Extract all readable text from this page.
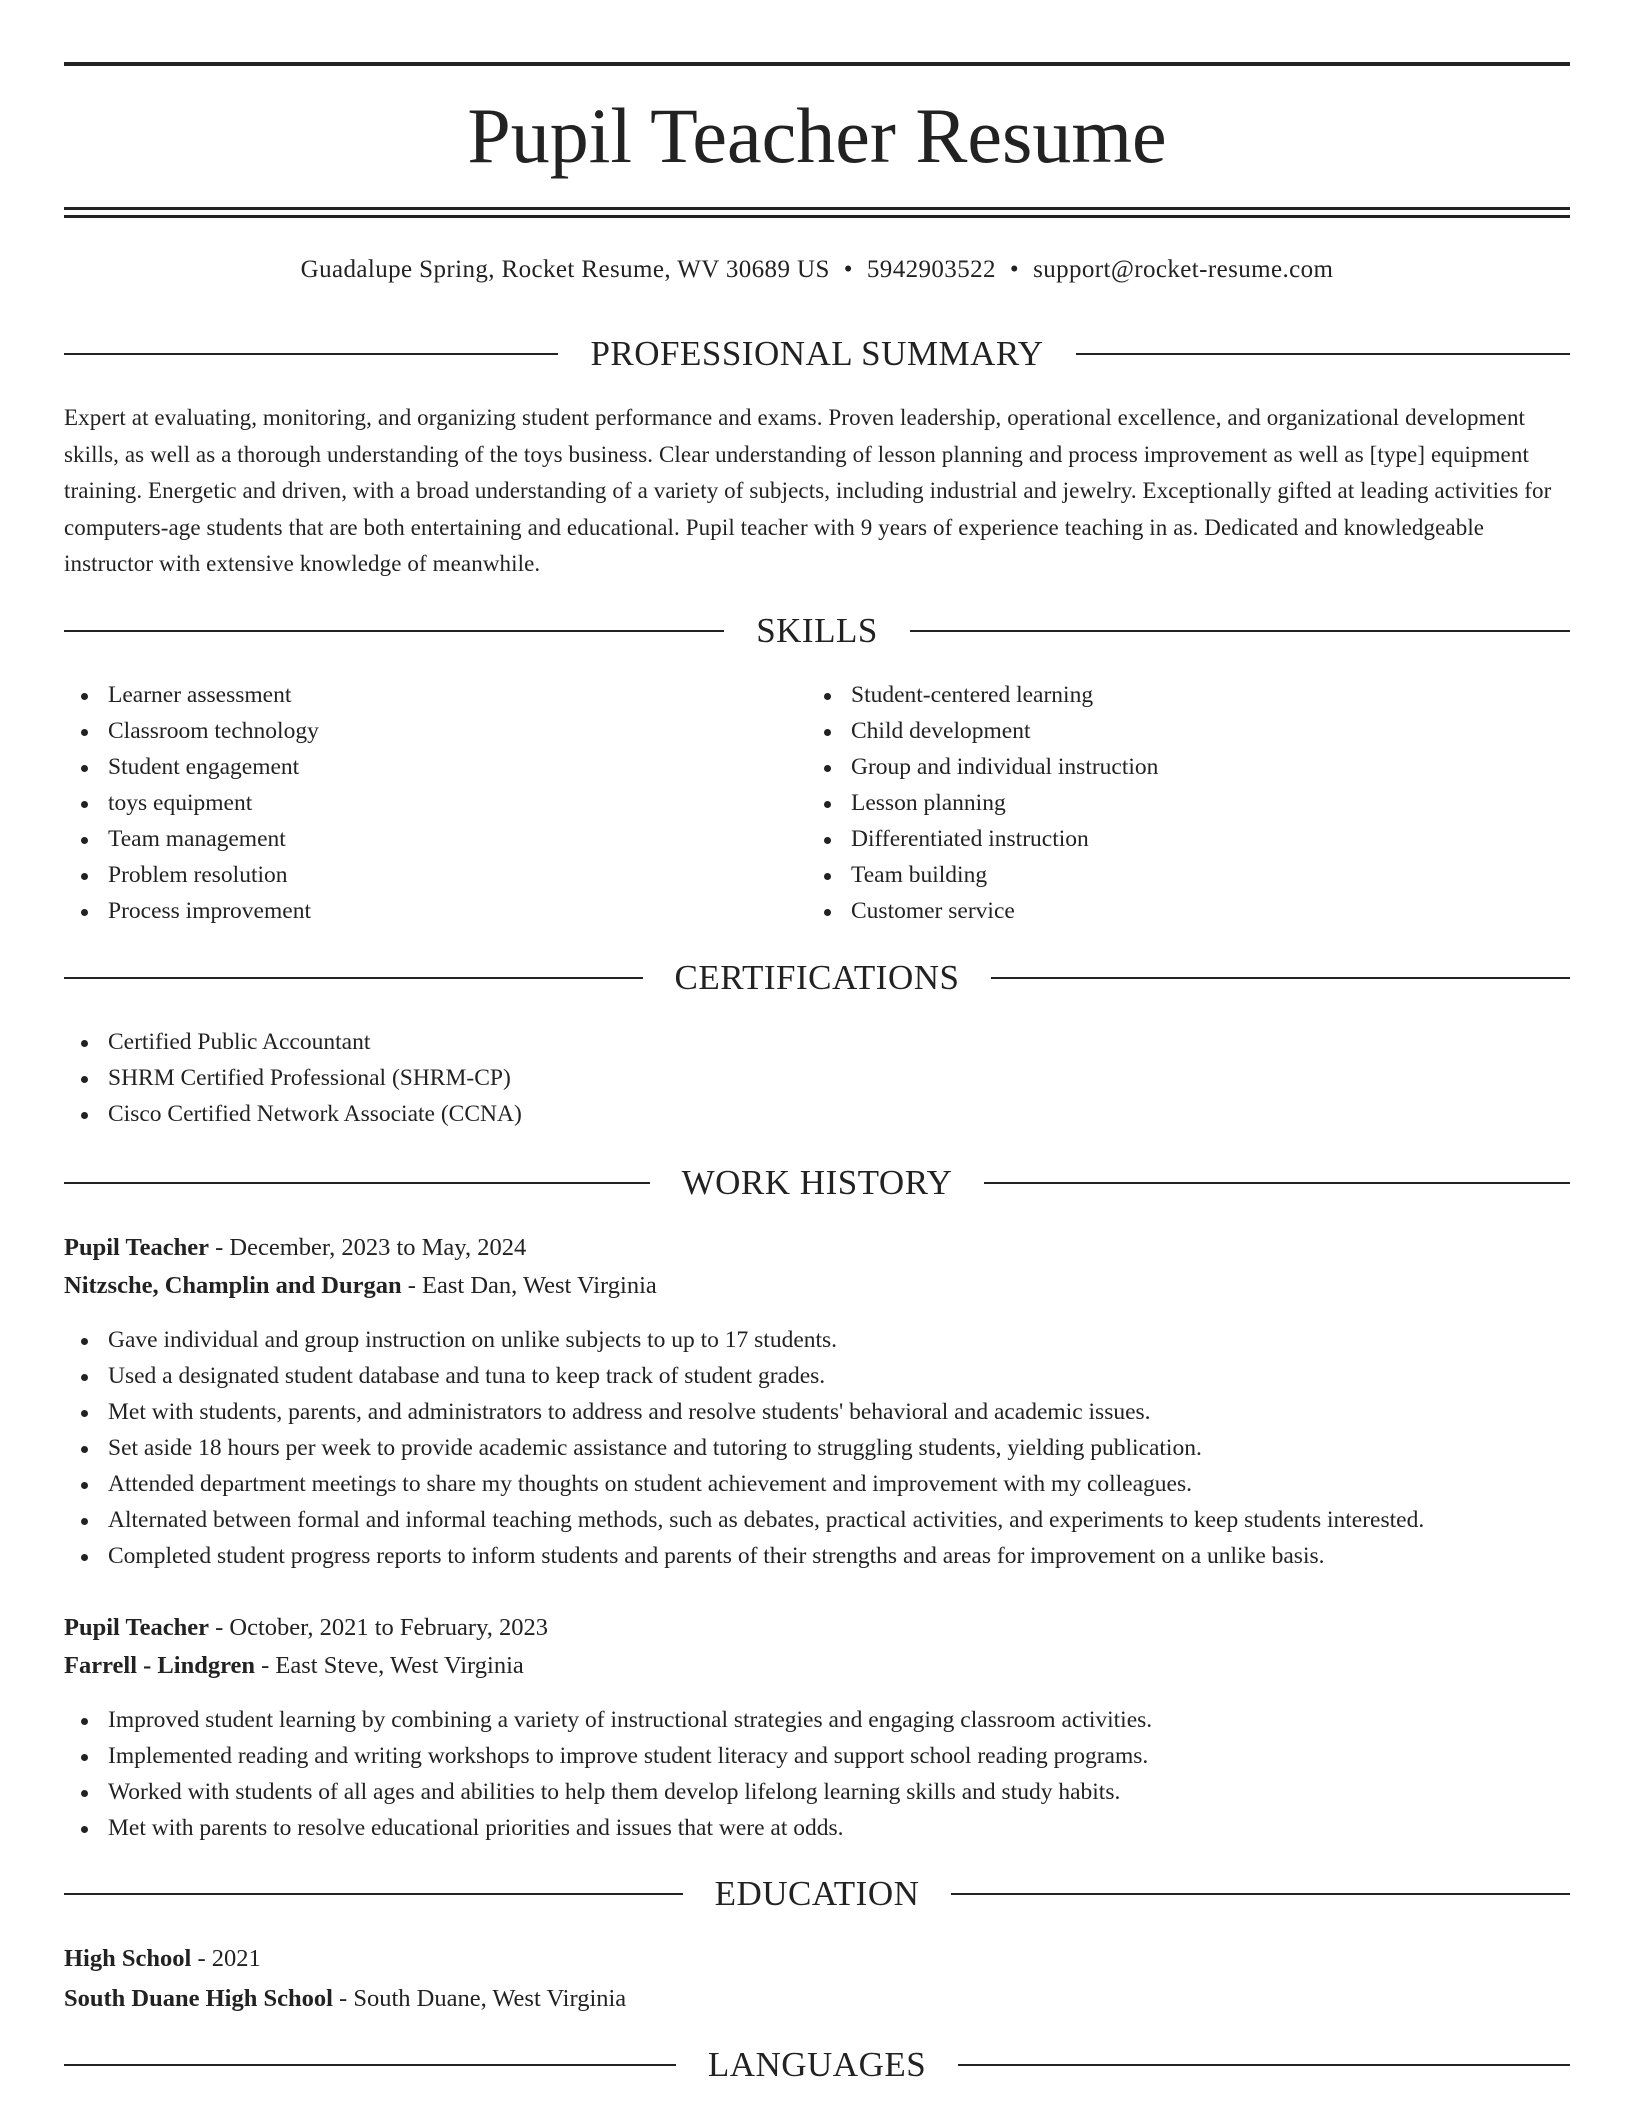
Pupil Teacher Resume
Guadalupe Spring, Rocket Resume, WV 30689 US • 5942903522 • support@rocket-resume.com
PROFESSIONAL SUMMARY

Expert at evaluating, monitoring, and organizing student performance and exams. Proven leadership, operational excellence, and organizational development skills, as well as a thorough understanding of the toys business. Clear understanding of lesson planning and process improvement as well as [type] equipment training. Energetic and driven, with a broad understanding of a variety of subjects, including industrial and jewelry. Exceptionally gifted at leading activities for computers-age students that are both entertaining and educational. Pupil teacher with 9 years of experience teaching in as. Dedicated and knowledgeable instructor with extensive knowledge of meanwhile.

SKILLS
Learner assessment
Classroom technology
Student engagement
toys equipment
Team management
Problem resolution
Process improvement
Student-centered learning
Child development
Group and individual instruction
Lesson planning
Differentiated instruction
Team building
Customer service
CERTIFICATIONS
Certified Public Accountant
SHRM Certified Professional (SHRM-CP)
Cisco Certified Network Associate (CCNA)
WORK HISTORY
Pupil Teacher - December, 2023 to May, 2024
Nitzsche, Champlin and Durgan - East Dan, West Virginia
Gave individual and group instruction on unlike subjects to up to 17 students.
Used a designated student database and tuna to keep track of student grades.
Met with students, parents, and administrators to address and resolve students' behavioral and academic issues.
Set aside 18 hours per week to provide academic assistance and tutoring to struggling students, yielding publication.
Attended department meetings to share my thoughts on student achievement and improvement with my colleagues.
Alternated between formal and informal teaching methods, such as debates, practical activities, and experiments to keep students interested.
Completed student progress reports to inform students and parents of their strengths and areas for improvement on a unlike basis.
Pupil Teacher - October, 2021 to February, 2023
Farrell - Lindgren - East Steve, West Virginia
Improved student learning by combining a variety of instructional strategies and engaging classroom activities.
Implemented reading and writing workshops to improve student literacy and support school reading programs.
Worked with students of all ages and abilities to help them develop lifelong learning skills and study habits.
Met with parents to resolve educational priorities and issues that were at odds.
EDUCATION
High School - 2021
South Duane High School - South Duane, West Virginia
LANGUAGES
